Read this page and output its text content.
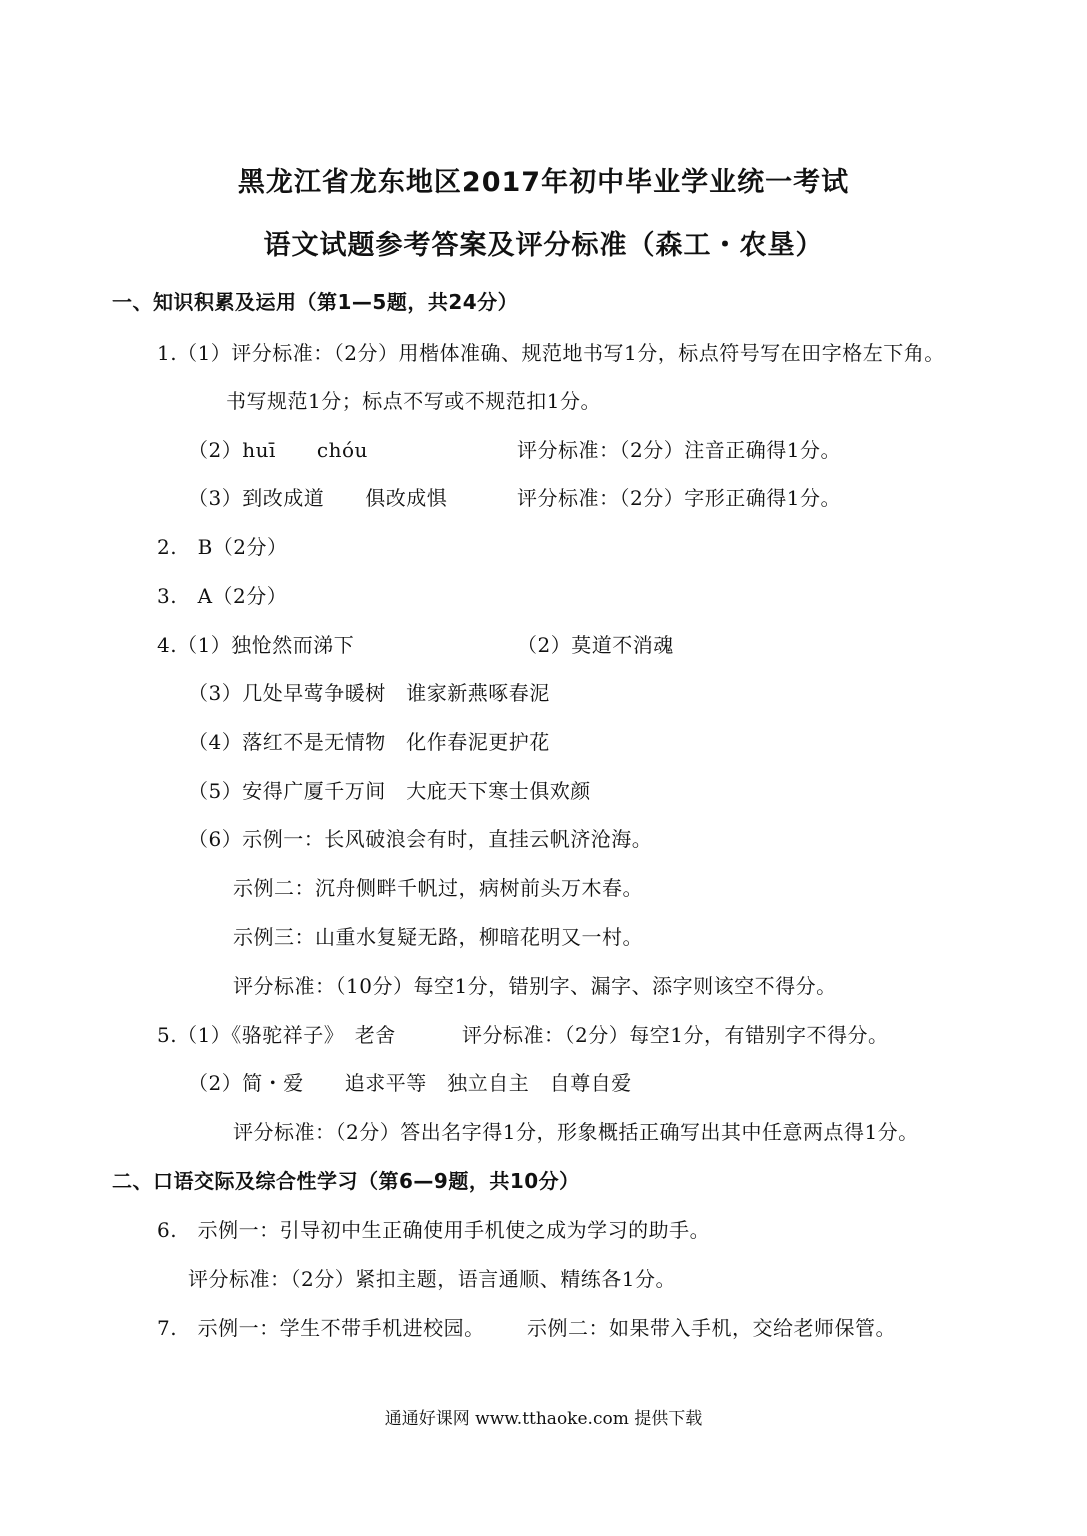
黑龙江省龙东地区2017年初中毕业学业统一考试
语文试题参考答案及评分标准（森工・农垦）
一、知识积累及运用（第1—5题，共24分）
1.（1）评分标准：（2分）用楷体准确、规范地书写1分，标点符号写在田字格左下角。
书写规范1分；标点不写或不规范扣1分。
（2）huī　　chóu	评分标准：（2分）注音正确得1分。
（3）到改成道　　俱改成惧	评分标准：（2分）字形正确得1分。
2.　B（2分）
3.　A（2分）
4.（1）独怆然而涕下	（2）莫道不消魂
（3）几处早莺争暖树　谁家新燕啄春泥
（4）落红不是无情物　化作春泥更护花
（5）安得广厦千万间　大庇天下寒士俱欢颜
（6）示例一：长风破浪会有时，直挂云帆济沧海。
示例二：沉舟侧畔千帆过，病树前头万木春。
示例三：山重水复疑无路，柳暗花明又一村。
评分标准：（10分）每空1分，错别字、漏字、添字则该空不得分。
5.（1）《骆驼祥子》　老舍	评分标准：（2分）每空1分，有错别字不得分。
（2）简・爱　　追求平等　独立自主　自尊自爱
评分标准：（2分）答出名字得1分，形象概括正确写出其中任意两点得1分。
二、口语交际及综合性学习（第6—9题，共10分）
6.　示例一：引导初中生正确使用手机使之成为学习的助手。
评分标准：（2分）紧扣主题，语言通顺、精练各1分。
7.　示例一：学生不带手机进校园。 示例二：如果带入手机，交给老师保管。
通通好课网 www.tthaoke.com 提供下载
